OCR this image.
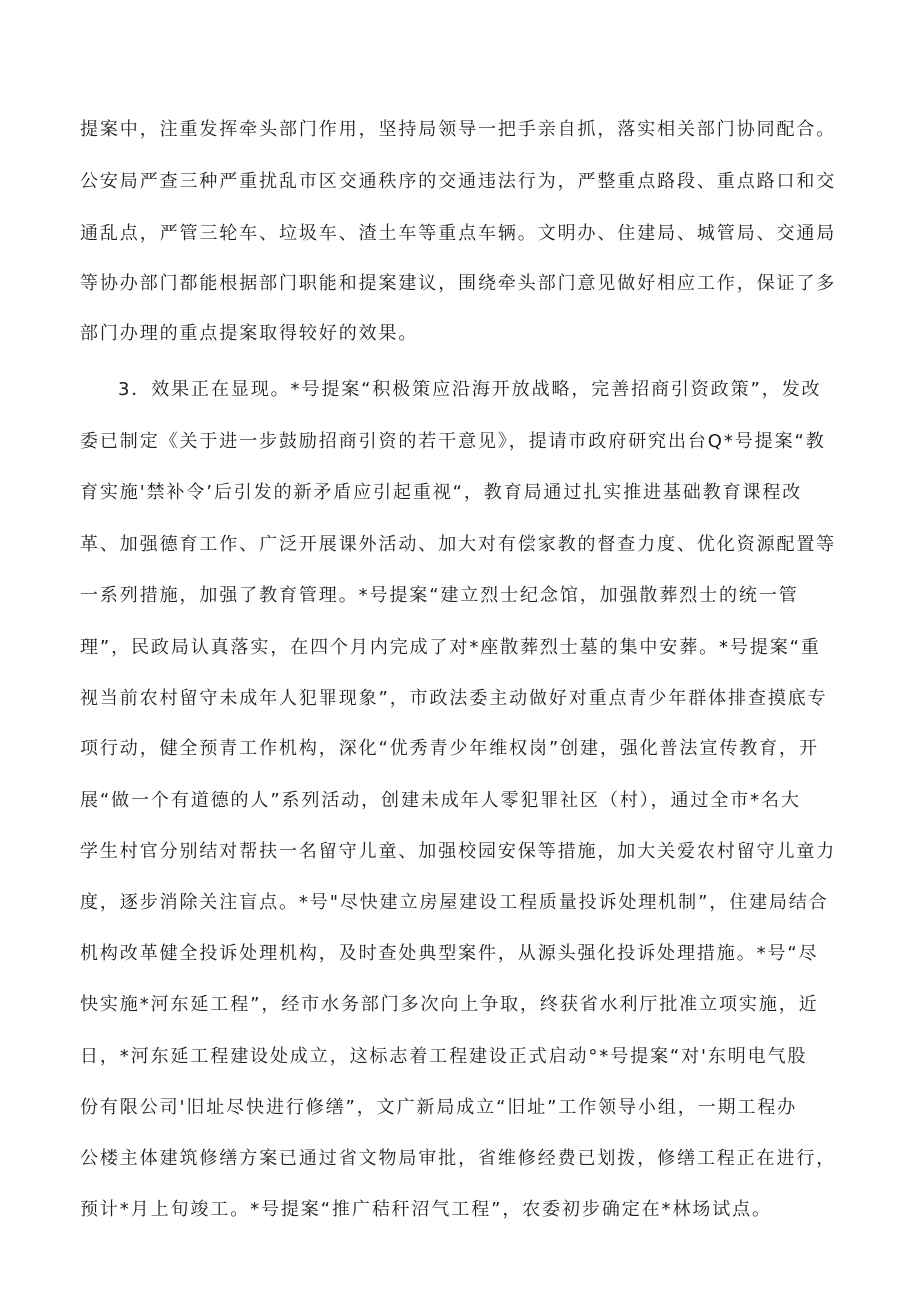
提案中，注重发挥牵头部门作用，坚持局领导一把手亲自抓，落实相关部门协同配合。
公安局严查三种严重扰乱市区交通秩序的交通违法行为，严整重点路段、重点路口和交
通乱点，严管三轮车、垃圾车、渣土车等重点车辆。文明办、住建局、城管局、交通局
等协办部门都能根据部门职能和提案建议，围绕牵头部门意见做好相应工作，保证了多
部门办理的重点提案取得较好的效果。
3．效果正在显现。*号提案“积极策应沿海开放战略，完善招商引资政策”，发改
委已制定《关于进一步鼓励招商引资的若干意见》，提请市政府研究出台Q*号提案“教
育实施'禁补令’后引发的新矛盾应引起重视“，教育局通过扎实推进基础教育课程改
革、加强德育工作、广泛开展课外活动、加大对有偿家教的督查力度、优化资源配置等
一系列措施，加强了教育管理。*号提案“建立烈士纪念馆，加强散葬烈士的统一管
理”，民政局认真落实，在四个月内完成了对*座散葬烈士墓的集中安葬。*号提案“重
视当前农村留守未成年人犯罪现象”，市政法委主动做好对重点青少年群体排查摸底专
项行动，健全预青工作机构，深化“优秀青少年维权岗”创建，强化普法宣传教育，开
展“做一个有道德的人”系列活动，创建未成年人零犯罪社区（村），通过全市*名大
学生村官分别结对帮扶一名留守儿童、加强校园安保等措施，加大关爱农村留守儿童力
度，逐步消除关注盲点。*号"尽快建立房屋建设工程质量投诉处理机制”，住建局结合
机构改革健全投诉处理机构，及时查处典型案件，从源头强化投诉处理措施。*号“尽
快实施*河东延工程”，经市水务部门多次向上争取，终获省水利厅批准立项实施，近
日，*河东延工程建设处成立，这标志着工程建设正式启动°*号提案“对'东明电气股
份有限公司'旧址尽快进行修缮”，文广新局成立“旧址”工作领导小组，一期工程办
公楼主体建筑修缮方案已通过省文物局审批，省维修经费已划拨，修缮工程正在进行，
预计*月上旬竣工。*号提案“推广秸秆沼气工程”，农委初步确定在*林场试点。
